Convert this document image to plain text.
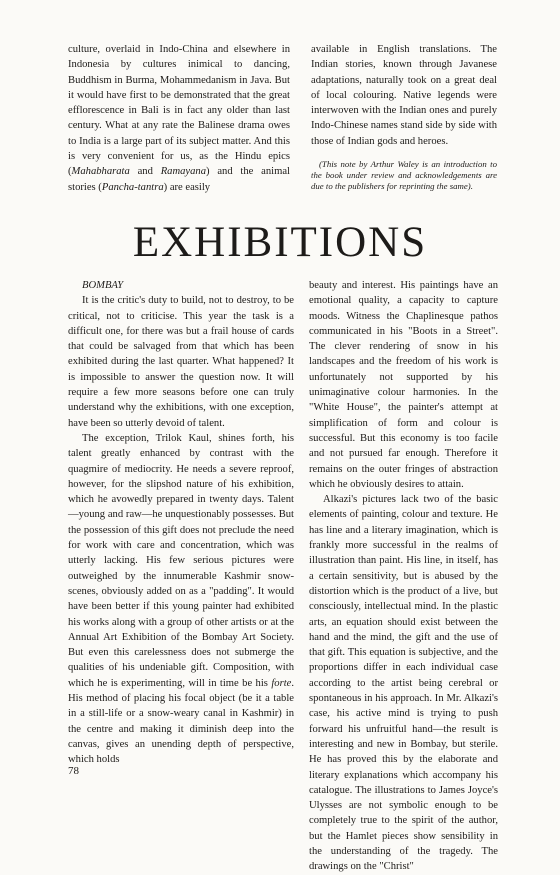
culture, overlaid in Indo-China and elsewhere in Indonesia by cultures inimical to dancing, Buddhism in Burma, Mohammedanism in Java. But it would have first to be demonstrated that the great efflorescence in Bali is in fact any older than last century. What at any rate the Balinese drama owes to India is a large part of its subject matter. And this is very convenient for us, as the Hindu epics (Mahabharata and Ramayana) and the animal stories (Pancha-tantra) are easily

available in English translations. The Indian stories, known through Javanese adaptations, naturally took on a great deal of local colouring. Native legends were interwoven with the Indian ones and purely Indo-Chinese names stand side by side with those of Indian gods and heroes.

(This note by Arthur Waley is an introduction to the book under review and acknowledgements are due to the publishers for reprinting the same).

EXHIBITIONS

BOMBAY

It is the critic's duty to build, not to destroy, to be critical, not to criticise. This year the task is a difficult one, for there was but a frail house of cards that could be salvaged from that which has been exhibited during the last quarter. What happened? It is impossible to answer the question now. It will require a few more seasons before one can truly understand why the exhibitions, with one exception, have been so utterly devoid of talent.

The exception, Trilok Kaul, shines forth, his talent greatly enhanced by contrast with the quagmire of mediocrity. He needs a severe reproof, however, for the slipshod nature of his exhibition, which he avowedly prepared in twenty days. Talent—young and raw—he unquestionably possesses. But the possession of this gift does not preclude the need for work with care and concentration, which was utterly lacking. His few serious pictures were outweighed by the innumerable Kashmir snow-scenes, obviously added on as a "padding". It would have been better if this young painter had exhibited his works along with a group of other artists or at the Annual Art Exhibition of the Bombay Art Society. But even this carelessness does not submerge the qualities of his undeniable gift. Composition, with which he is experimenting, will in time be his forte. His method of placing his focal object (be it a table in a still-life or a snow-weary canal in Kashmir) in the centre and making it diminish deep into the canvas, gives an unending depth of perspective, which holds

beauty and interest. His paintings have an emotional quality, a capacity to capture moods. Witness the Chaplinesque pathos communicated in his "Boots in a Street". The clever rendering of snow in his landscapes and the freedom of his work is unfortunately not supported by his unimaginative colour harmonies. In the "White House", the painter's attempt at simplification of form and colour is successful. But this economy is too facile and not pursued far enough. Therefore it remains on the outer fringes of abstraction which he obviously desires to attain.

Alkazi's pictures lack two of the basic elements of painting, colour and texture. He has line and a literary imagination, which is frankly more successful in the realms of illustration than paint. His line, in itself, has a certain sensitivity, but is abused by the distortion which is the product of a live, but consciously, intellectual mind. In the plastic arts, an equation should exist between the hand and the mind, the gift and the use of that gift. This equation is subjective, and the proportions differ in each individual case according to the artist being cerebral or spontaneous in his approach. In Mr. Alkazi's case, his active mind is trying to push forward his unfruitful hand—the result is interesting and new in Bombay, but sterile. He has proved this by the elaborate and literary explanations which accompany his catalogue. The illustrations to James Joyce's Ulysses are not symbolic enough to be completely true to the spirit of the author, but the Hamlet pieces show sensibility in the understanding of the tragedy. The drawings on the "Christ"

78
